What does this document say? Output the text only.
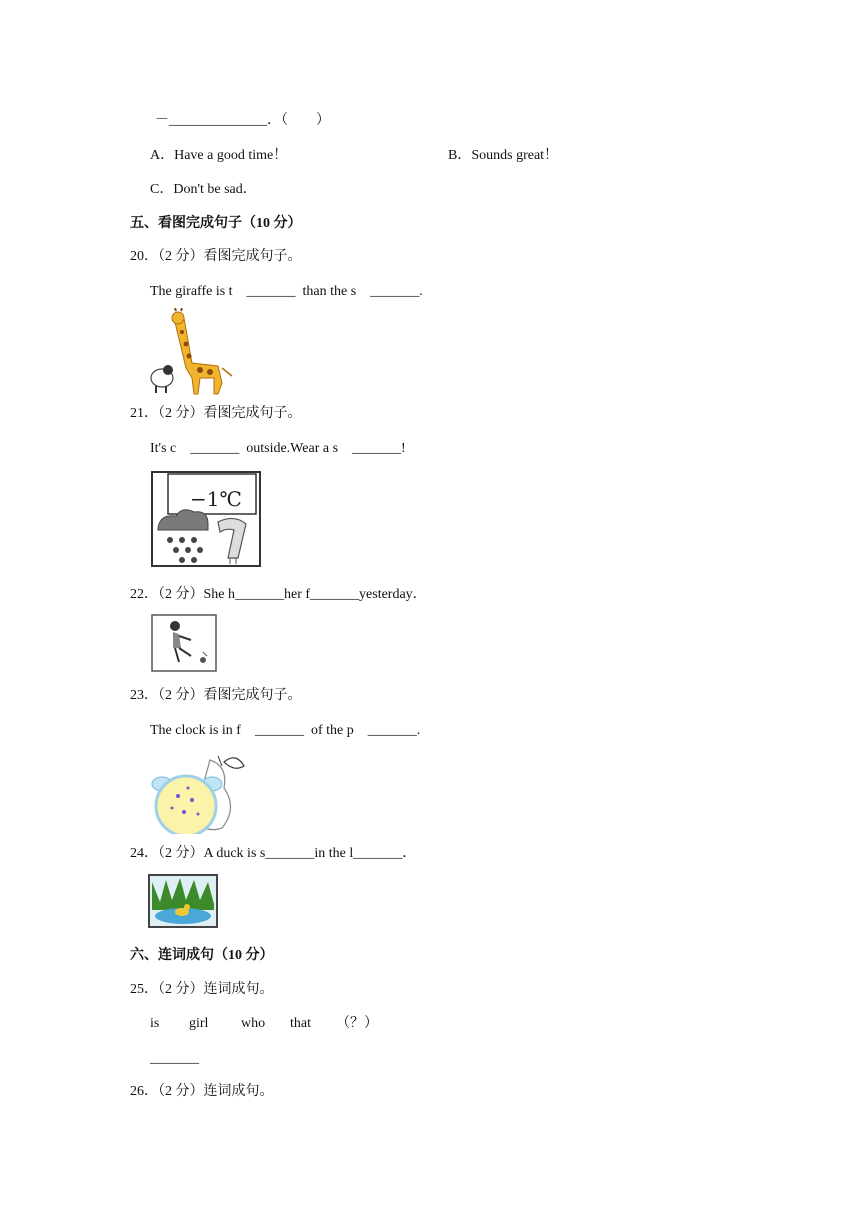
－______________．（　　）
A．Have a good time！	B．Sounds great！
C．Don't be sad．
五、看图完成句子（10 分）
20．（2 分）看图完成句子。
The giraffe is t　_______  than the s　_______.
21．（2 分）看图完成句子。
It's c　_______  outside.Wear a s　_______!
−1℃
22．（2 分）She h_______her f_______yesterday．
23．（2 分）看图完成句子。
The clock is in f　_______  of the p　_______.
24．（2 分）A duck is s_______in the l_______．
六、连词成句（10 分）
25．（2 分）连词成句。
is girl who that （？）
_______
26．（2 分）连词成句。
